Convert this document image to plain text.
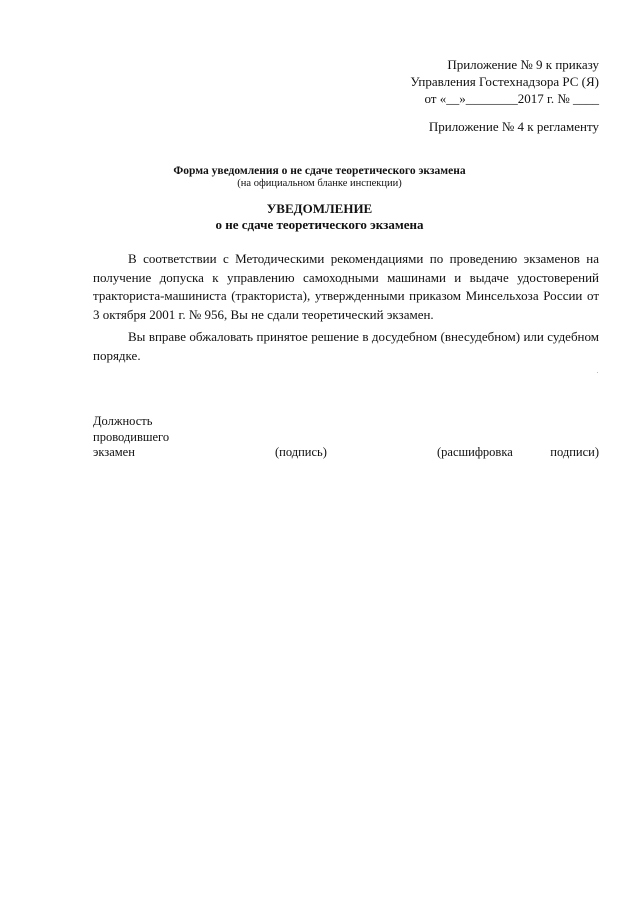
Приложение № 9 к приказу
Управления Гостехнадзора РС (Я)
от «__»________2017 г. № ____
Приложение № 4 к регламенту
Форма уведомления о не сдаче теоретического экзамена
(на официальном бланке инспекции)
УВЕДОМЛЕНИЕ
о не сдаче теоретического экзамена

В соответствии с Методическими рекомендациями по проведению экзаменов на получение допуска к управлению самоходными машинами и выдаче удостоверений тракториста-машиниста (тракториста), утвержденными приказом Минсельхоза России от 3 октября 2001 г. № 956, Вы не сдали теоретический экзамен.

Вы вправе обжаловать принятое решение в досудебном (внесудебном) или судебном порядке.

Должность
проводившего
экзамен	(подпись)	(расшифровка	подписи)
